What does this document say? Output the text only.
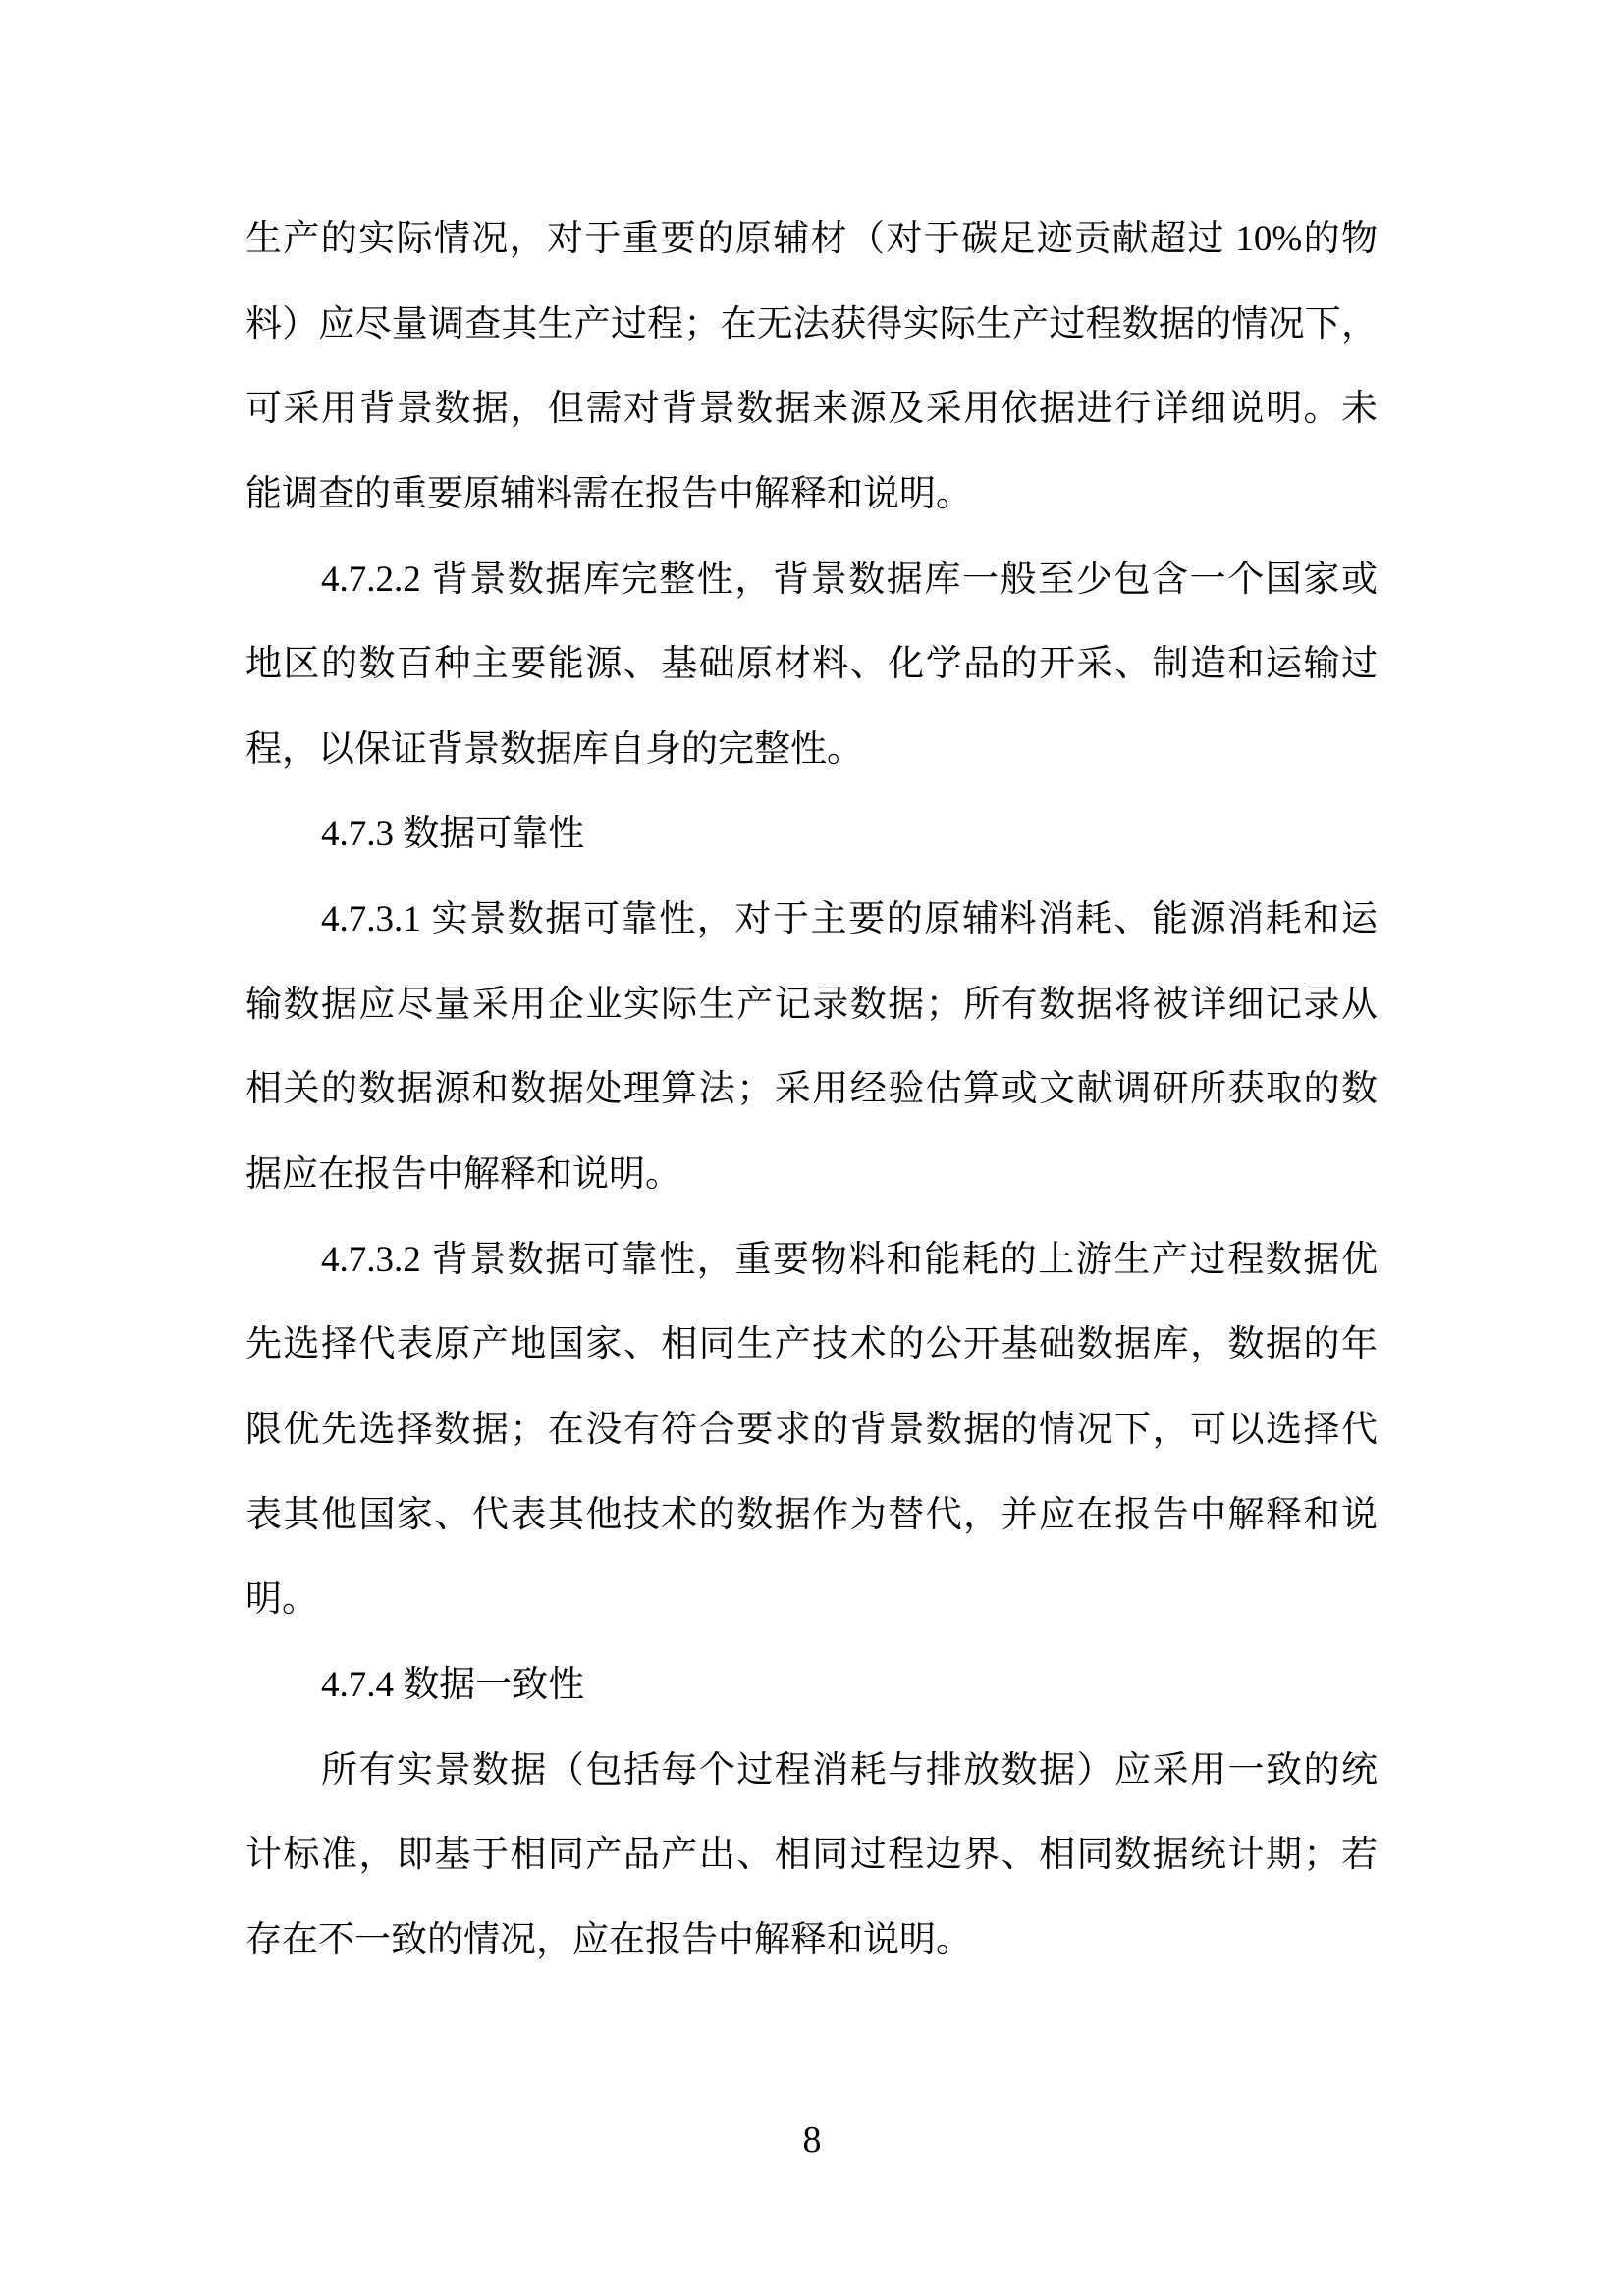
生产的实际情况，对于重要的原辅材（对于碳足迹贡献超过 10%的物
料）应尽量调查其生产过程；在无法获得实际生产过程数据的情况下，
可采用背景数据，但需对背景数据来源及采用依据进行详细说明。未
能调查的重要原辅料需在报告中解释和说明。
4.7.2.2 背景数据库完整性，背景数据库一般至少包含一个国家或
地区的数百种主要能源、基础原材料、化学品的开采、制造和运输过
程，以保证背景数据库自身的完整性。
4.7.3 数据可靠性
4.7.3.1 实景数据可靠性，对于主要的原辅料消耗、能源消耗和运
输数据应尽量采用企业实际生产记录数据；所有数据将被详细记录从
相关的数据源和数据处理算法；采用经验估算或文献调研所获取的数
据应在报告中解释和说明。
4.7.3.2 背景数据可靠性，重要物料和能耗的上游生产过程数据优
先选择代表原产地国家、相同生产技术的公开基础数据库，数据的年
限优先选择数据；在没有符合要求的背景数据的情况下，可以选择代
表其他国家、代表其他技术的数据作为替代，并应在报告中解释和说
明。
4.7.4 数据一致性
所有实景数据（包括每个过程消耗与排放数据）应采用一致的统
计标准，即基于相同产品产出、相同过程边界、相同数据统计期；若
存在不一致的情况，应在报告中解释和说明。
8
